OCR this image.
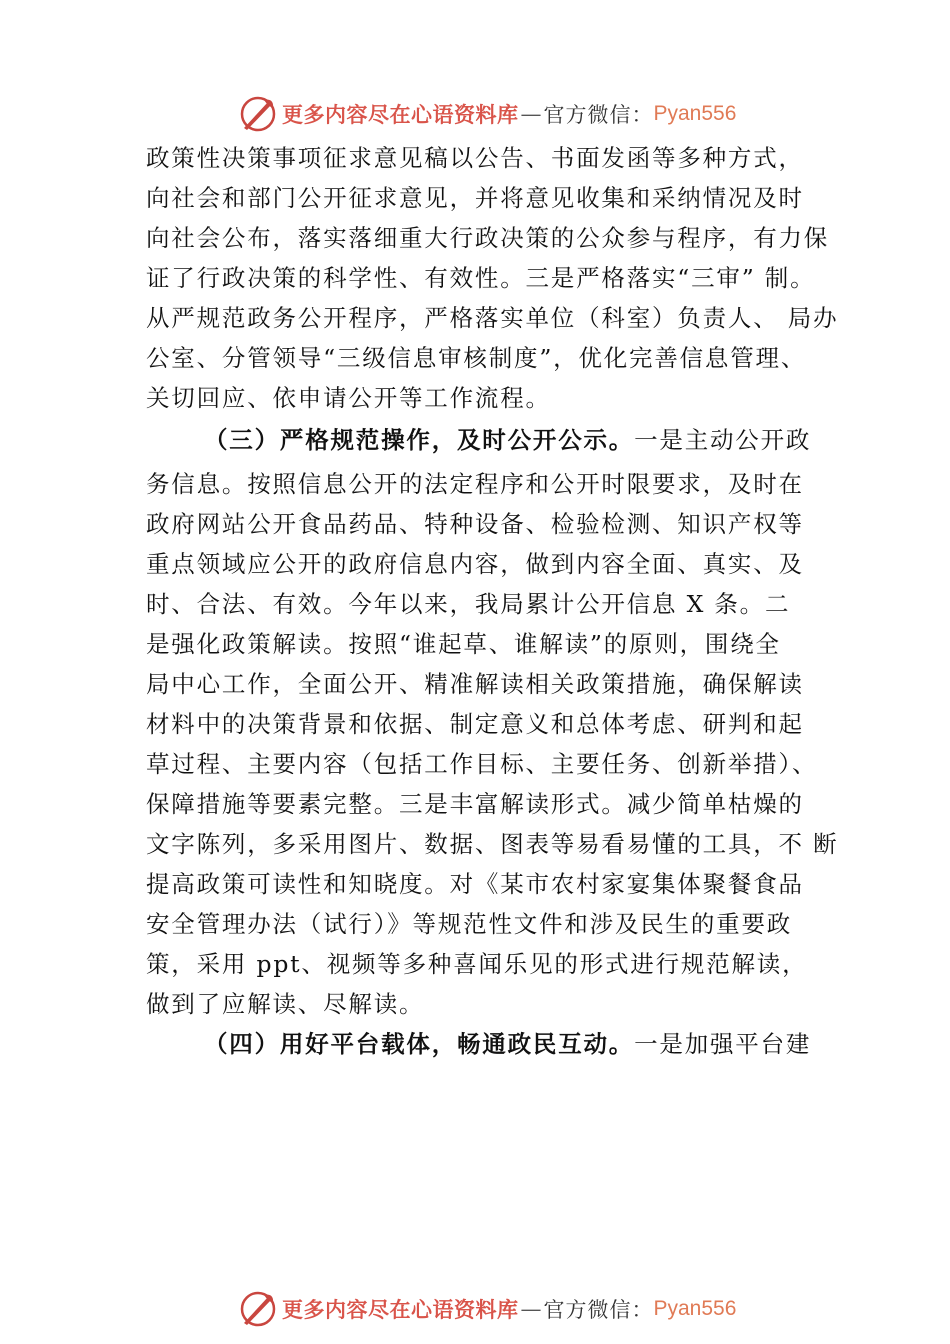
更多内容尽在心语资料库 — 官方微信： Pyan556
政策性决策事项征求意见稿以公告、书面发函等多种方式，
向社会和部门公开征求意见，并将意见收集和采纳情况及时
向社会公布，落实落细重大行政决策的公众参与程序，有力保
证了行政决策的科学性、有效性。三是严格落实“三审” 制。
从严规范政务公开程序，严格落实单位（科室）负责人、 局办
公室、分管领导“三级信息审核制度”，优化完善信息管理、
关切回应、依申请公开等工作流程。
（三）严格规范操作，及时公开公示。一是主动公开政
务信息。按照信息公开的法定程序和公开时限要求，及时在
政府网站公开食品药品、特种设备、检验检测、知识产权等
重点领域应公开的政府信息内容，做到内容全面、真实、及
时、合法、有效。今年以来，我局累计公开信息 X 条。二
是强化政策解读。按照“谁起草、谁解读”的原则，围绕全
局中心工作，全面公开、精准解读相关政策措施，确保解读
材料中的决策背景和依据、制定意义和总体考虑、研判和起
草过程、主要内容（包括工作目标、主要任务、创新举措）、
保障措施等要素完整。三是丰富解读形式。减少简单枯燥的
文字陈列，多采用图片、数据、图表等易看易懂的工具，不 断
提高政策可读性和知晓度。对《某市农村家宴集体聚餐食品
安全管理办法（试行）》等规范性文件和涉及民生的重要政
策，采用 ppt、视频等多种喜闻乐见的形式进行规范解读，
做到了应解读、尽解读。
（四）用好平台载体，畅通政民互动。一是加强平台建
更多内容尽在心语资料库 — 官方微信： Pyan556
